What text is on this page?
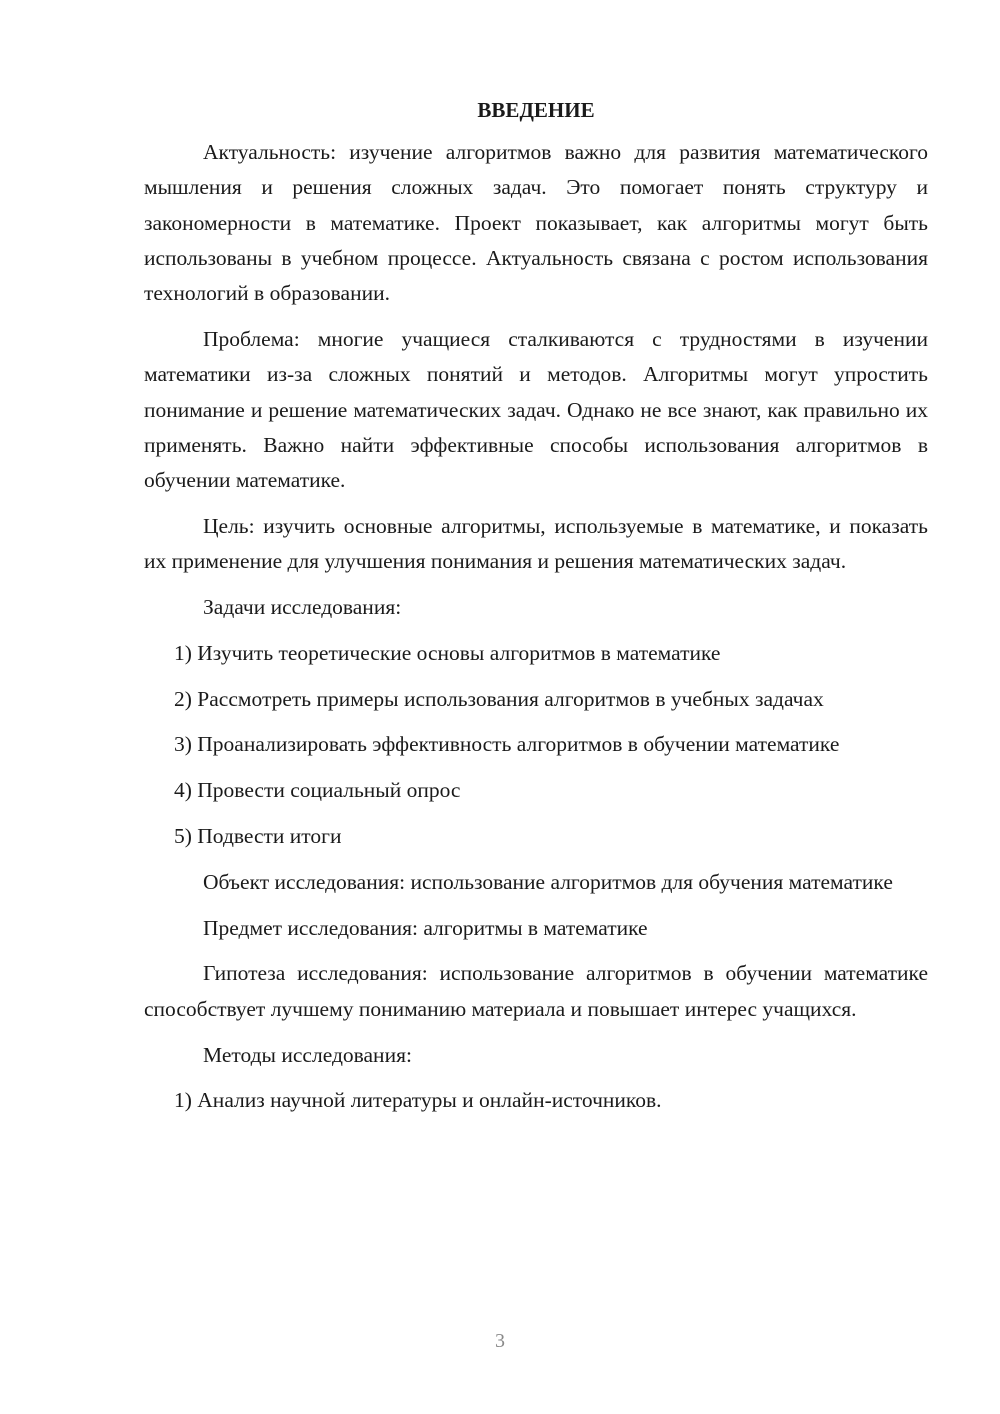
ВВЕДЕНИЕ

Актуальность: изучение алгоритмов важно для развития математического мышления и решения сложных задач. Это помогает понять структуру и закономерности в математике. Проект показывает, как алгоритмы могут быть использованы в учебном процессе. Актуальность связана с ростом использования технологий в образовании.

Проблема: многие учащиеся сталкиваются с трудностями в изучении математики из-за сложных понятий и методов. Алгоритмы могут упростить понимание и решение математических задач. Однако не все знают, как правильно их применять. Важно найти эффективные способы использования алгоритмов в обучении математике.

Цель: изучить основные алгоритмы, используемые в математике, и показать их применение для улучшения понимания и решения математических задач.

Задачи исследования:

1) Изучить теоретические основы алгоритмов в математике

2) Рассмотреть примеры использования алгоритмов в учебных задачах

3) Проанализировать эффективность алгоритмов в обучении математике

4) Провести социальный опрос

5) Подвести итоги

Объект исследования: использование алгоритмов для обучения математике

Предмет исследования: алгоритмы в математике

Гипотеза исследования: использование алгоритмов в обучении математике способствует лучшему пониманию материала и повышает интерес учащихся.

Методы исследования:

1) Анализ научной литературы и онлайн-источников.

3
